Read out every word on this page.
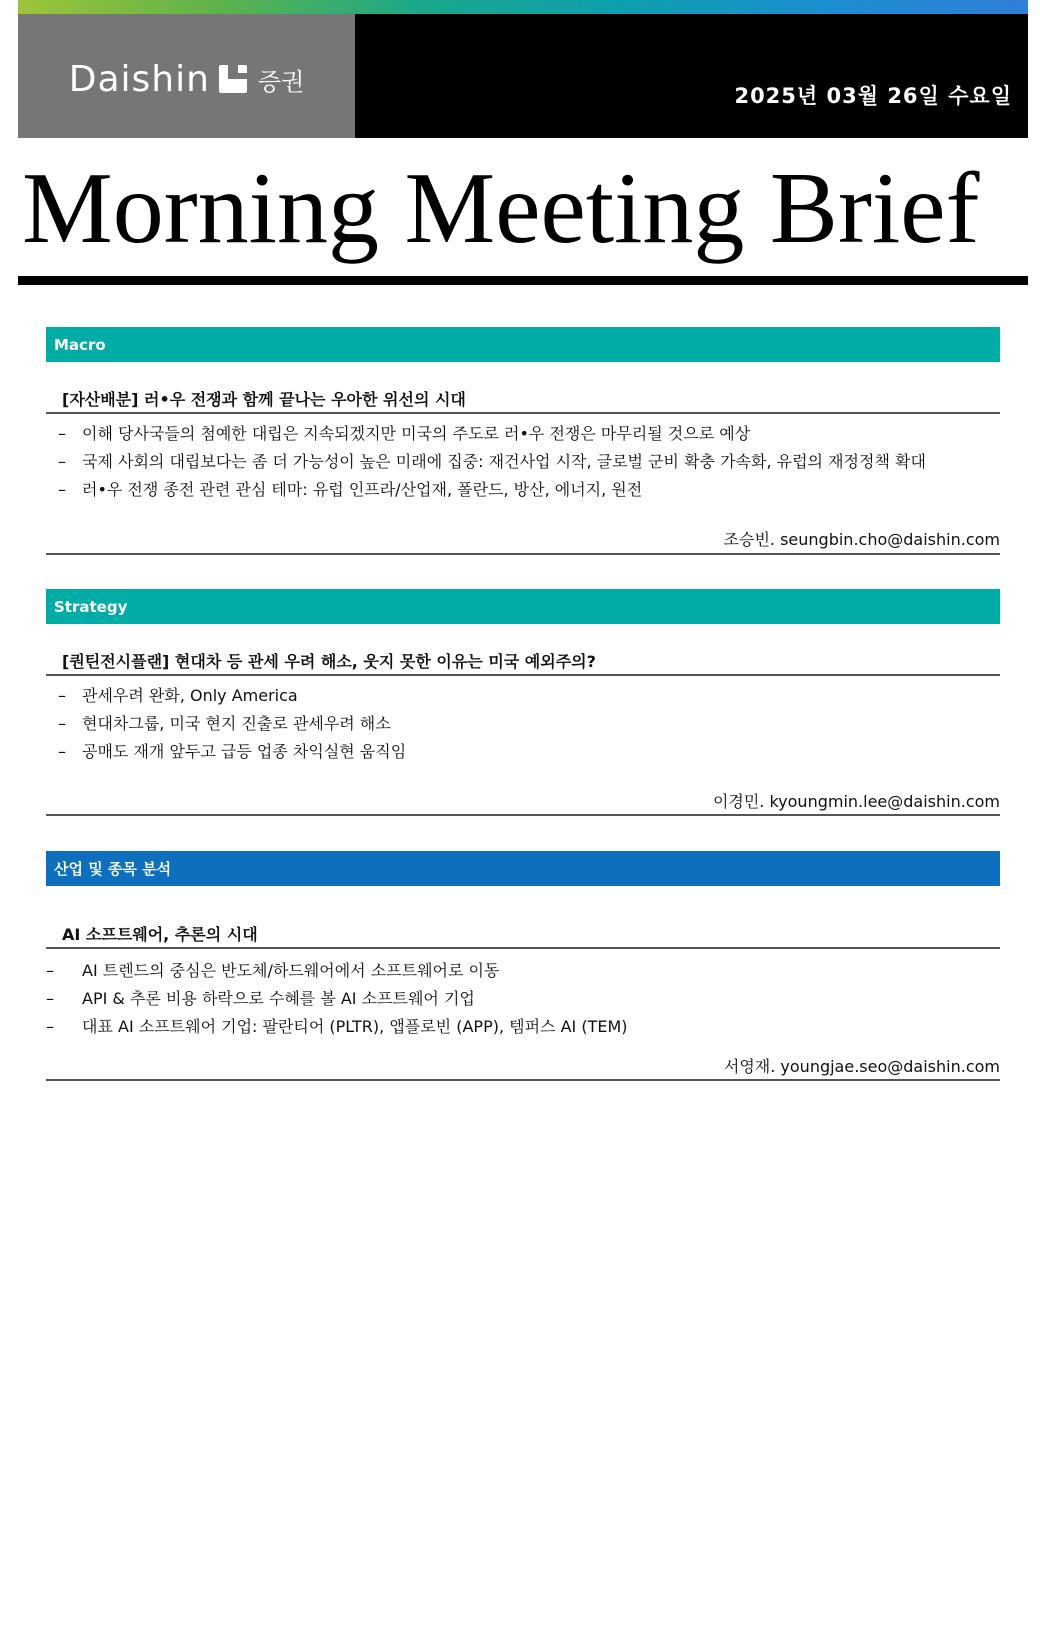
Daishin 증권
2025년 03월 26일 수요일
Morning Meeting Brief
Macro
[자산배분] 러•우 전쟁과 함께 끝나는 우아한 위선의 시대
– 이해 당사국들의 첨예한 대립은 지속되겠지만 미국의 주도로 러•우 전쟁은 마무리될 것으로 예상
– 국제 사회의 대립보다는 좀 더 가능성이 높은 미래에 집중: 재건사업 시작, 글로벌 군비 확충 가속화, 유럽의 재정정책 확대
– 러•우 전쟁 종전 관련 관심 테마: 유럽 인프라/산업재, 폴란드, 방산, 에너지, 원전
조승빈. seungbin.cho@daishin.com
Strategy
[퀀틴전시플랜] 현대차 등 관세 우려 해소, 웃지 못한 이유는 미국 예외주의?
– 관세우려 완화, Only America
– 현대차그룹, 미국 현지 진출로 관세우려 해소
– 공매도 재개 앞두고 급등 업종 차익실현 움직임
이경민. kyoungmin.lee@daishin.com
산업 및 종목 분석
AI 소프트웨어, 추론의 시대
– AI 트렌드의 중심은 반도체/하드웨어에서 소프트웨어로 이동
– API & 추론 비용 하락으로 수혜를 볼 AI 소프트웨어 기업
– 대표 AI 소프트웨어 기업: 팔란티어 (PLTR), 앱플로빈 (APP), 템퍼스 AI (TEM)
서영재. youngjae.seo@daishin.com
